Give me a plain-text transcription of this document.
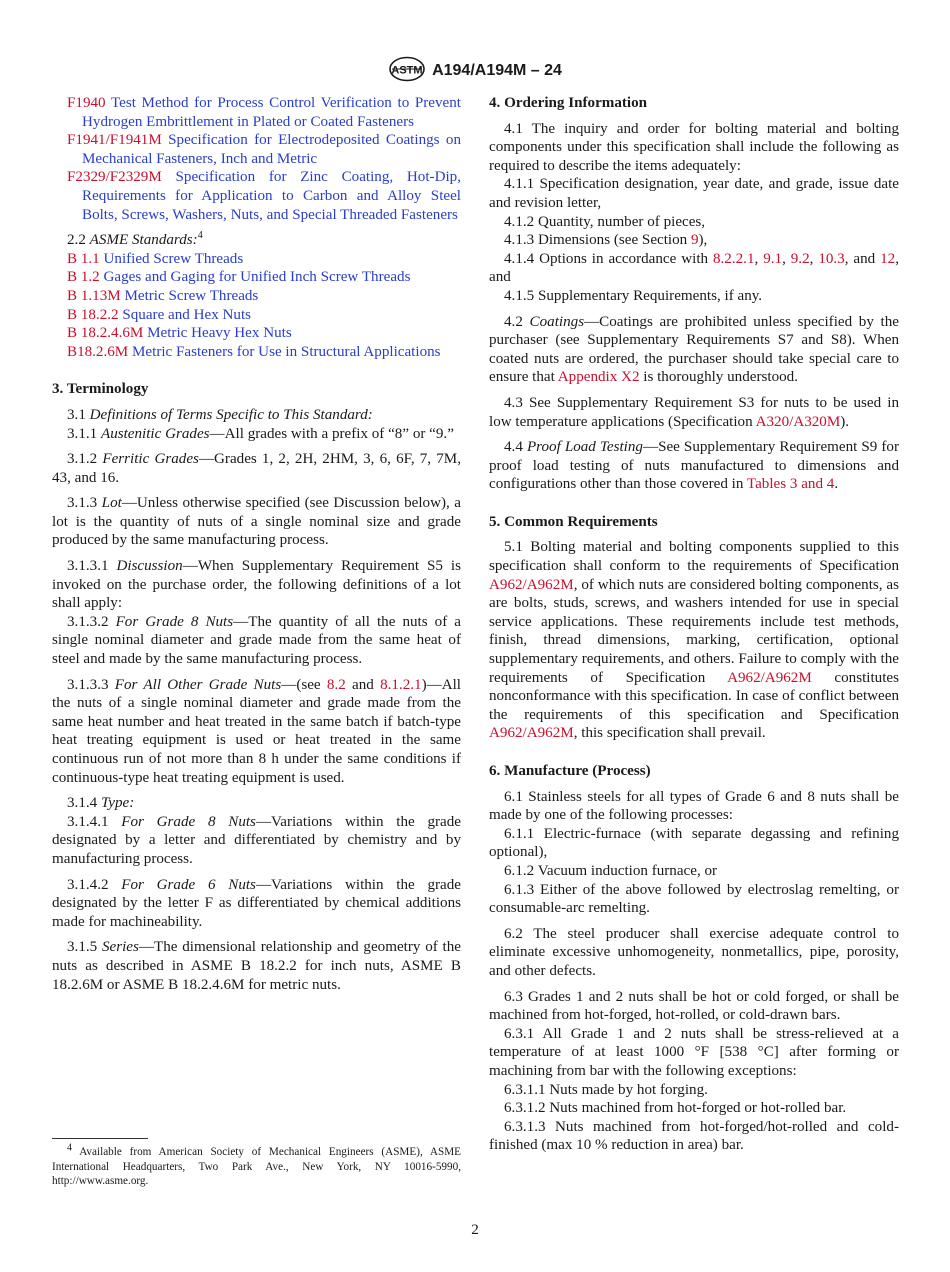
ASTM A194/A194M – 24

F1940 Test Method for Process Control Verification to Prevent Hydrogen Embrittlement in Plated or Coated Fasteners

F1941/F1941M Specification for Electrodeposited Coatings on Mechanical Fasteners, Inch and Metric

F2329/F2329M Specification for Zinc Coating, Hot-Dip, Requirements for Application to Carbon and Alloy Steel Bolts, Screws, Washers, Nuts, and Special Threaded Fasteners

2.2 ASME Standards:$^4$

B 1.1 Unified Screw Threads

B 1.2 Gages and Gaging for Unified Inch Screw Threads

B 1.13M Metric Screw Threads

B 18.2.2 Square and Hex Nuts

B 18.2.4.6M Metric Heavy Hex Nuts

B18.2.6M Metric Fasteners for Use in Structural Applications

3. Terminology

3.1 Definitions of Terms Specific to This Standard:

3.1.1 Austenitic Grades—All grades with a prefix of “8” or “9.”

3.1.2 Ferritic Grades—Grades 1, 2, 2H, 2HM, 3, 6, 6F, 7, 7M, 43, and 16.

3.1.3 Lot—Unless otherwise specified (see Discussion below), a lot is the quantity of nuts of a single nominal size and grade produced by the same manufacturing process.

3.1.3.1 Discussion—When Supplementary Requirement S5 is invoked on the purchase order, the following definitions of a lot shall apply:

3.1.3.2 For Grade 8 Nuts—The quantity of all the nuts of a single nominal diameter and grade made from the same heat of steel and made by the same manufacturing process.

3.1.3.3 For All Other Grade Nuts—(see 8.2 and 8.1.2.1)—All the nuts of a single nominal diameter and grade made from the same heat number and heat treated in the same batch if batch-type heat treating equipment is used or heat treated in the same continuous run of not more than 8 h under the same conditions if continuous-type heat treating equipment is used.

3.1.4 Type:

3.1.4.1 For Grade 8 Nuts—Variations within the grade designated by a letter and differentiated by chemistry and by manufacturing process.

3.1.4.2 For Grade 6 Nuts—Variations within the grade designated by the letter F as differentiated by chemical additions made for machineability.

3.1.5 Series—The dimensional relationship and geometry of the nuts as described in ASME B 18.2.2 for inch nuts, ASME B 18.2.6M or ASME B 18.2.4.6M for metric nuts.

$^4$ Available from American Society of Mechanical Engineers (ASME), ASME International Headquarters, Two Park Ave., New York, NY 10016-5990, http://www.asme.org.

4. Ordering Information

4.1 The inquiry and order for bolting material and bolting components under this specification shall include the following as required to describe the items adequately:

4.1.1 Specification designation, year date, and grade, issue date and revision letter,

4.1.2 Quantity, number of pieces,

4.1.3 Dimensions (see Section 9),

4.1.4 Options in accordance with 8.2.2.1, 9.1, 9.2, 10.3, and 12, and

4.1.5 Supplementary Requirements, if any.

4.2 Coatings—Coatings are prohibited unless specified by the purchaser (see Supplementary Requirements S7 and S8). When coated nuts are ordered, the purchaser should take special care to ensure that Appendix X2 is thoroughly understood.

4.3 See Supplementary Requirement S3 for nuts to be used in low temperature applications (Specification A320/A320M).

4.4 Proof Load Testing—See Supplementary Requirement S9 for proof load testing of nuts manufactured to dimensions and configurations other than those covered in Tables 3 and 4.

5. Common Requirements

5.1 Bolting material and bolting components supplied to this specification shall conform to the requirements of Specification A962/A962M, of which nuts are considered bolting components, as are bolts, studs, screws, and washers intended for use in special service applications. These requirements include test methods, finish, thread dimensions, marking, certification, optional supplementary requirements, and others. Failure to comply with the requirements of Specification A962/A962M constitutes nonconformance with this specification. In case of conflict between the requirements of this specification and Specification A962/A962M, this specification shall prevail.

6. Manufacture (Process)

6.1 Stainless steels for all types of Grade 6 and 8 nuts shall be made by one of the following processes:

6.1.1 Electric-furnace (with separate degassing and refining optional),

6.1.2 Vacuum induction furnace, or

6.1.3 Either of the above followed by electroslag remelting, or consumable-arc remelting.

6.2 The steel producer shall exercise adequate control to eliminate excessive unhomogeneity, nonmetallics, pipe, porosity, and other defects.

6.3 Grades 1 and 2 nuts shall be hot or cold forged, or shall be machined from hot-forged, hot-rolled, or cold-drawn bars.

6.3.1 All Grade 1 and 2 nuts shall be stress-relieved at a temperature of at least 1000 °F [538 °C] after forming or machining from bar with the following exceptions:

6.3.1.1 Nuts made by hot forging.

6.3.1.2 Nuts machined from hot-forged or hot-rolled bar.

6.3.1.3 Nuts machined from hot-forged/hot-rolled and cold-finished (max 10 % reduction in area) bar.

2
